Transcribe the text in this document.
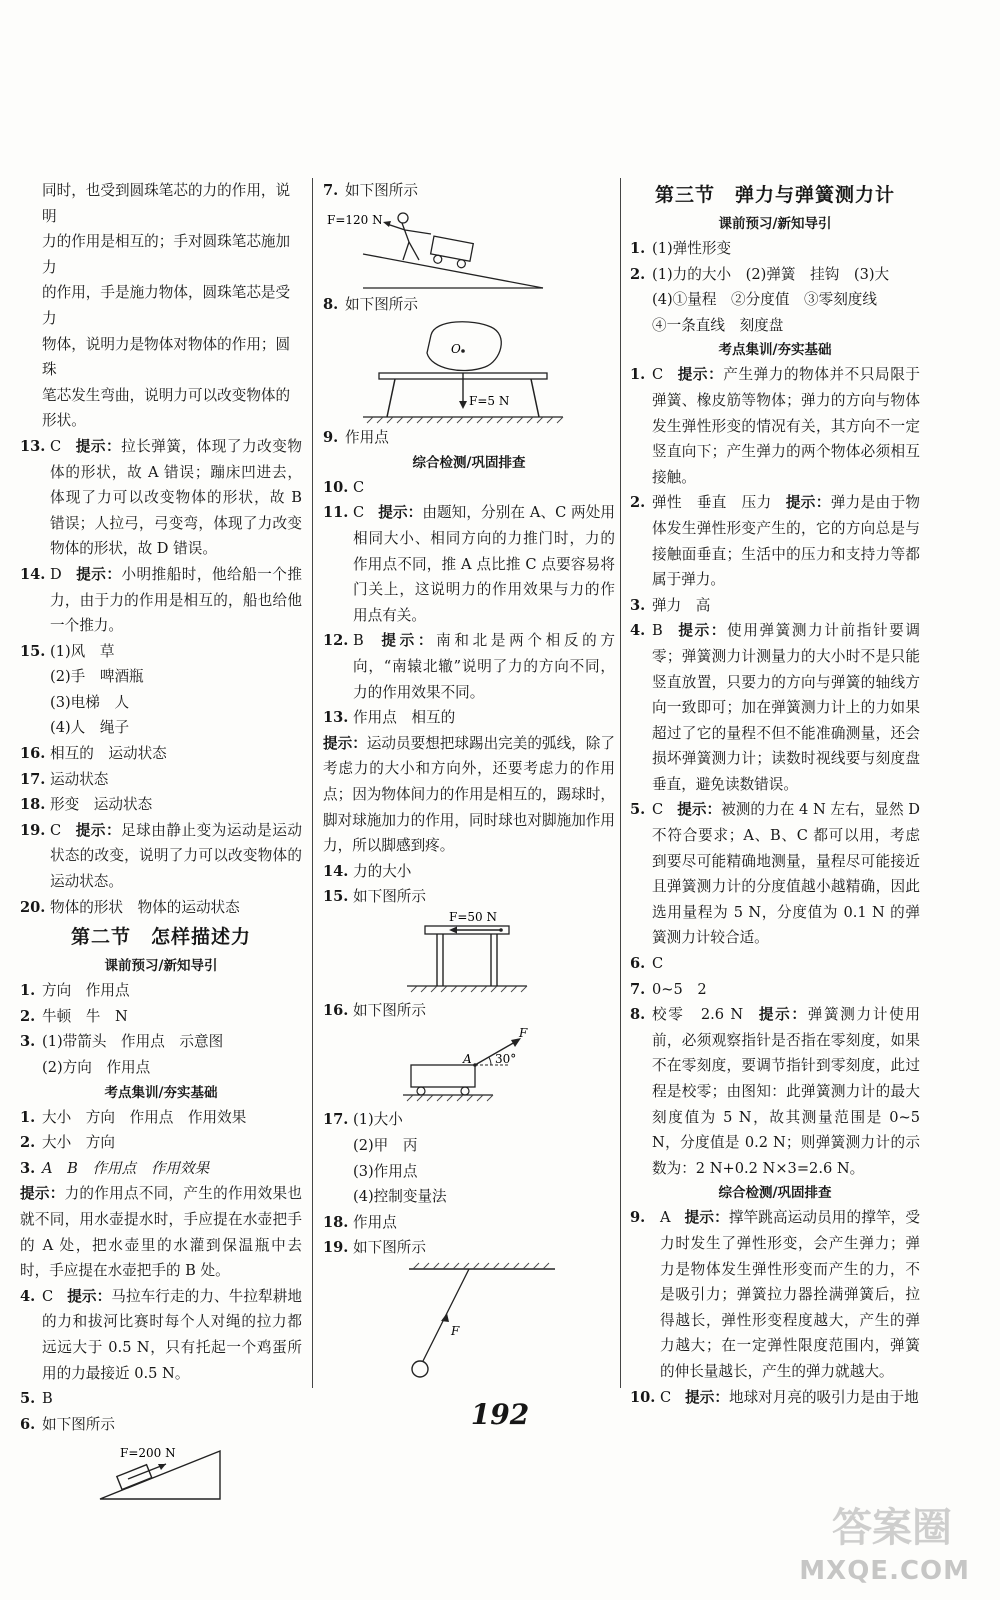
同时，也受到圆珠笔芯的力的作用，说明
力的作用是相互的；手对圆珠笔芯施加力
的作用，手是施力物体，圆珠笔芯是受力
物体，说明力是物体对物体的作用；圆珠
笔芯发生弯曲，说明力可以改变物体的
形状。
13. C 提示：拉长弹簧，体现了力改变物体的形状，故 A 错误；蹦床凹进去，体现了力可以改变物体的形状，故 B 错误；人拉弓，弓变弯，体现了力改变物体的形状，故 D 错误。
14. D 提示：小明推船时，他给船一个推力，由于力的作用是相互的，船也给他一个推力。
15. (1)风　草
(2)手　啤酒瓶
(3)电梯　人
(4)人　绳子
16. 相互的　运动状态
17. 运动状态
18. 形变　运动状态
19. C 提示：足球由静止变为运动是运动状态的改变，说明了力可以改变物体的运动状态。
20. 物体的形状　物体的运动状态
第二节　怎样描述力
课前预习/新知导引
1. 方向　作用点
2. 牛顿　牛　N
3. (1)带箭头　作用点　示意图
(2)方向　作用点
考点集训/夯实基础
1. 大小　方向　作用点　作用效果
2. 大小　方向
3. A　B　作用点　作用效果
提示：力的作用点不同，产生的作用效果也就不同，用水壶提水时，手应提在水壶把手的 A 处，把水壶里的水灌到保温瓶中去时，手应提在水壶把手的 B 处。
4. C 提示：马拉车行走的力、牛拉犁耕地的力和拔河比赛时每个人对绳的拉力都远远大于 0.5 N，只有托起一个鸡蛋所用的力最接近 0.5 N。
5. B
6. 如下图所示
F=200 N
7. 如下图所示
F=120 N
8. 如下图所示
O
F=5 N
9. 作用点
综合检测/巩固排查
10. C
11. C 提示：由题知，分别在 A、C 两处用相同大小、相同方向的力推门时，力的作用点不同，推 A 点比推 C 点要容易将门关上，这说明力的作用效果与力的作用点有关。
12. B 提示：南和北是两个相反的方向，“南辕北辙”说明了力的方向不同，力的作用效果不同。
13. 作用点　相互的
提示：运动员要想把球踢出完美的弧线，除了考虑力的大小和方向外，还要考虑力的作用点；因为物体间力的作用是相互的，踢球时，脚对球施加力的作用，同时球也对脚施加作用力，所以脚感到疼。
14. 力的大小
15. 如下图所示
F=50 N
16. 如下图所示
F
A 30°
17. (1)大小
(2)甲　丙
(3)作用点
(4)控制变量法
18. 作用点
19. 如下图所示
F
第三节　弹力与弹簧测力计
课前预习/新知导引
1. (1)弹性形变
2. (1)力的大小　(2)弹簧　挂钩　(3)大
(4)①量程　②分度值　③零刻度线
④一条直线　刻度盘
考点集训/夯实基础
1. C 提示：产生弹力的物体并不只局限于弹簧、橡皮筋等物体；弹力的方向与物体发生弹性形变的情况有关，其方向不一定竖直向下；产生弹力的两个物体必须相互接触。
2. 弹性　垂直　压力 提示：弹力是由于物体发生弹性形变产生的，它的方向总是与接触面垂直；生活中的压力和支持力等都属于弹力。
3. 弹力　高
4. B 提示：使用弹簧测力计前指针要调零；弹簧测力计测量力的大小时不是只能竖直放置，只要力的方向与弹簧的轴线方向一致即可；加在弹簧测力计上的力如果超过了它的量程不但不能准确测量，还会损坏弹簧测力计；读数时视线要与刻度盘垂直，避免读数错误。
5. C 提示：被测的力在 4 N 左右，显然 D 不符合要求；A、B、C 都可以用，考虑到要尽可能精确地测量，量程尽可能接近且弹簧测力计的分度值越小越精确，因此选用量程为 5 N，分度值为 0.1 N 的弹簧测力计较合适。
6. C
7. 0~5　2
8. 校零　2.6 N 提示：弹簧测力计使用前，必须观察指针是否指在零刻度，如果不在零刻度，要调节指针到零刻度，此过程是校零；由图知：此弹簧测力计的最大刻度值为 5 N，故其测量范围是 0~5 N，分度值是 0.2 N；则弹簧测力计的示数为：2 N+0.2 N×3=2.6 N。
综合检测/巩固排查
9.	A 提示：撑竿跳高运动员用的撑竿，受力时发生了弹性形变，会产生弹力；弹力是物体发生弹性形变而产生的力，不是吸引力；弹簧拉力器拴满弹簧后，拉得越长，弹性形变程度越大，产生的弹力越大；在一定弹性限度范围内，弹簧的伸长量越长，产生的弹力就越大。
10. C 提示：地球对月亮的吸引力是由于地
192
答案圈
MXQE.COM
